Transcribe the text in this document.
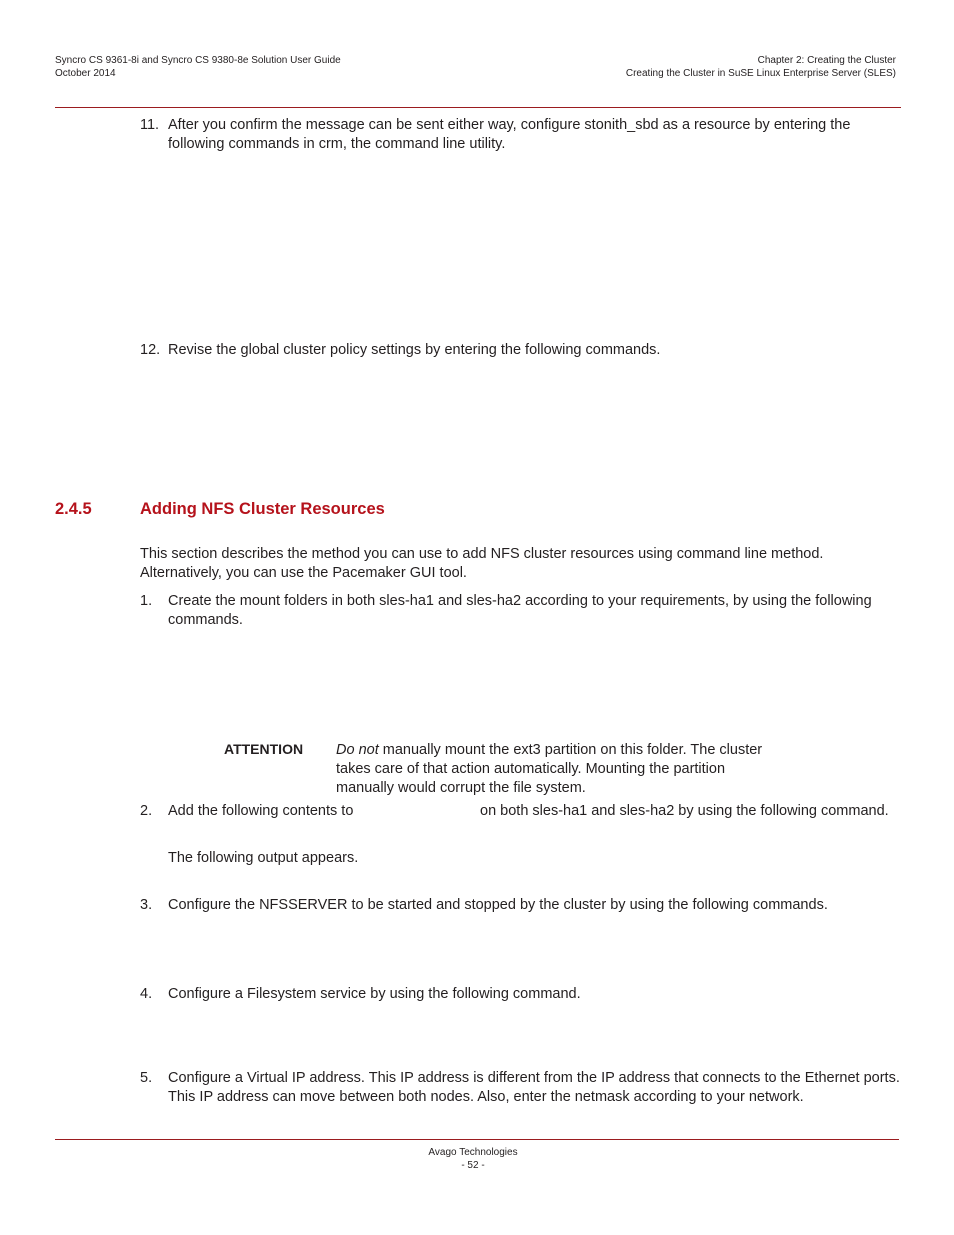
Syncro CS 9361-8i and Syncro CS 9380-8e Solution User Guide
October 2014
Chapter 2: Creating the Cluster
Creating the Cluster in SuSE Linux Enterprise Server (SLES)
11. After you confirm the message can be sent either way, configure stonith_sbd as a resource by entering the
following commands in crm, the command line utility.
12. Revise the global cluster policy settings by entering the following commands.
2.4.5	Adding NFS Cluster Resources
This section describes the method you can use to add NFS cluster resources using command line method.
Alternatively, you can use the Pacemaker GUI tool.
1. Create the mount folders in both sles-ha1 and sles-ha2 according to your requirements, by using the following
commands.
ATTENTION Do not manually mount the ext3 partition on this folder. The cluster
takes care of that action automatically. Mounting the partition
manually would corrupt the file system.
2. Add the following contents to	on both sles-ha1 and sles-ha2 by using the following command.
The following output appears.
3. Configure the NFSSERVER to be started and stopped by the cluster by using the following commands.
4. Configure a Filesystem service by using the following command.
5. Configure a Virtual IP address. This IP address is different from the IP address that connects to the Ethernet ports.
This IP address can move between both nodes. Also, enter the netmask according to your network.
Avago Technologies
- 52 -
